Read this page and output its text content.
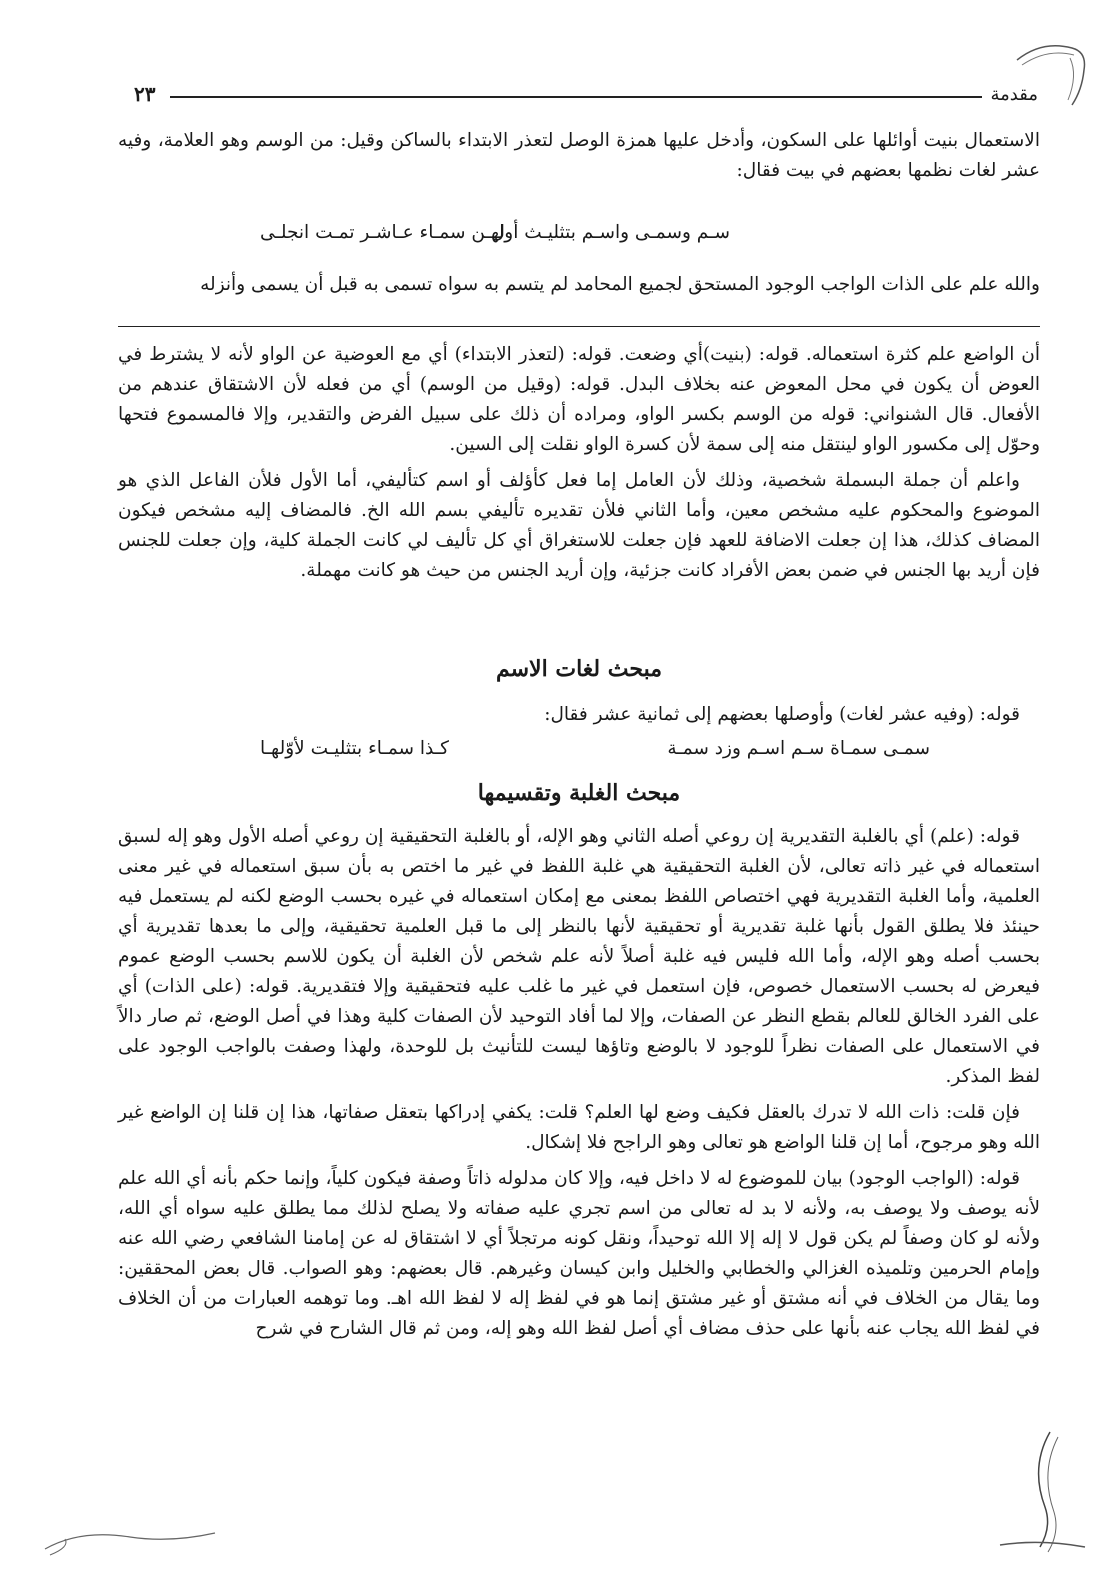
٢٣	مقدمة

الاستعمال بنيت أوائلها على السكون، وأدخل عليها همزة الوصل لتعذر الابتداء بالساكن وقيل: من الوسم وهو العلامة، وفيه عشر لغات نظمها بعضهم في بيت فقال:

سـم وسمـى واسـم بتثليـث أول
لهـن سمـاء عـاشـر تمـت انجلـى

والله علم على الذات الواجب الوجود المستحق لجميع المحامد لم يتسم به سواه تسمى به قبل أن يسمى وأنزله

أن الواضع علم كثرة استعماله. قوله: (بنيت)أي وضعت. قوله: (لتعذر الابتداء) أي مع العوضية عن الواو لأنه لا يشترط في العوض أن يكون في محل المعوض عنه بخلاف البدل. قوله: (وقيل من الوسم) أي من فعله لأن الاشتقاق عندهم من الأفعال. قال الشنواني: قوله من الوسم بكسر الواو، ومراده أن ذلك على سبيل الفرض والتقدير، وإلا فالمسموع فتحها وحوّل إلى مكسور الواو لينتقل منه إلى سمة لأن كسرة الواو نقلت إلى السين.

واعلم أن جملة البسملة شخصية، وذلك لأن العامل إما فعل كأؤلف أو اسم كتأليفي، أما الأول فلأن الفاعل الذي هو الموضوع والمحكوم عليه مشخص معين، وأما الثاني فلأن تقديره تأليفي بسم الله الخ. فالمضاف إليه مشخص فيكون المضاف كذلك، هذا إن جعلت الاضافة للعهد فإن جعلت للاستغراق أي كل تأليف لي كانت الجملة كلية، وإن جعلت للجنس فإن أريد بها الجنس في ضمن بعض الأفراد كانت جزئية، وإن أريد الجنس من حيث هو كانت مهملة.

مبحث لغات الاسم

قوله: (وفيه عشر لغات) وأوصلها بعضهم إلى ثمانية عشر فقال:

سمـى سمـاة سـم اسـم وزد سمـة
كـذا سمـاء بتثليـت لأوّلهـا
مبحث الغلبة وتقسيمها

قوله: (علم) أي بالغلبة التقديرية إن روعي أصله الثاني وهو الإله، أو بالغلبة التحقيقية إن روعي أصله الأول وهو إله لسبق استعماله في غير ذاته تعالى، لأن الغلبة التحقيقية هي غلبة اللفظ في غير ما اختص به بأن سبق استعماله في غير معنى العلمية، وأما الغلبة التقديرية فهي اختصاص اللفظ بمعنى مع إمكان استعماله في غيره بحسب الوضع لكنه لم يستعمل فيه حينئذ فلا يطلق القول بأنها غلبة تقديرية أو تحقيقية لأنها بالنظر إلى ما قبل العلمية تحقيقية، وإلى ما بعدها تقديرية أي بحسب أصله وهو الإله، وأما الله فليس فيه غلبة أصلاً لأنه علم شخص لأن الغلبة أن يكون للاسم بحسب الوضع عموم فيعرض له بحسب الاستعمال خصوص، فإن استعمل في غير ما غلب عليه فتحقيقية وإلا فتقديرية. قوله: (على الذات) أي على الفرد الخالق للعالم بقطع النظر عن الصفات، وإلا لما أفاد التوحيد لأن الصفات كلية وهذا في أصل الوضع، ثم صار دالاً في الاستعمال على الصفات نظراً للوجود لا بالوضع وتاؤها ليست للتأنيث بل للوحدة، ولهذا وصفت بالواجب الوجود على لفظ المذكر.

فإن قلت: ذات الله لا تدرك بالعقل فكيف وضع لها العلم؟ قلت: يكفي إدراكها بتعقل صفاتها، هذا إن قلنا إن الواضع غير الله وهو مرجوح، أما إن قلنا الواضع هو تعالى وهو الراجح فلا إشكال.

قوله: (الواجب الوجود) بيان للموضوع له لا داخل فيه، وإلا كان مدلوله ذاتاً وصفة فيكون كلياً، وإنما حكم بأنه أي الله علم لأنه يوصف ولا يوصف به، ولأنه لا بد له تعالى من اسم تجري عليه صفاته ولا يصلح لذلك مما يطلق عليه سواه أي الله، ولأنه لو كان وصفاً لم يكن قول لا إله إلا الله توحيداً، ونقل كونه مرتجلاً أي لا اشتقاق له عن إمامنا الشافعي رضي الله عنه وإمام الحرمين وتلميذه الغزالي والخطابي والخليل وابن كيسان وغيرهم. قال بعضهم: وهو الصواب. قال بعض المحققين: وما يقال من الخلاف في أنه مشتق أو غير مشتق إنما هو في لفظ إله لا لفظ الله اهـ. وما توهمه العبارات من أن الخلاف في لفظ الله يجاب عنه بأنها على حذف مضاف أي أصل لفظ الله وهو إله، ومن ثم قال الشارح في شرح
